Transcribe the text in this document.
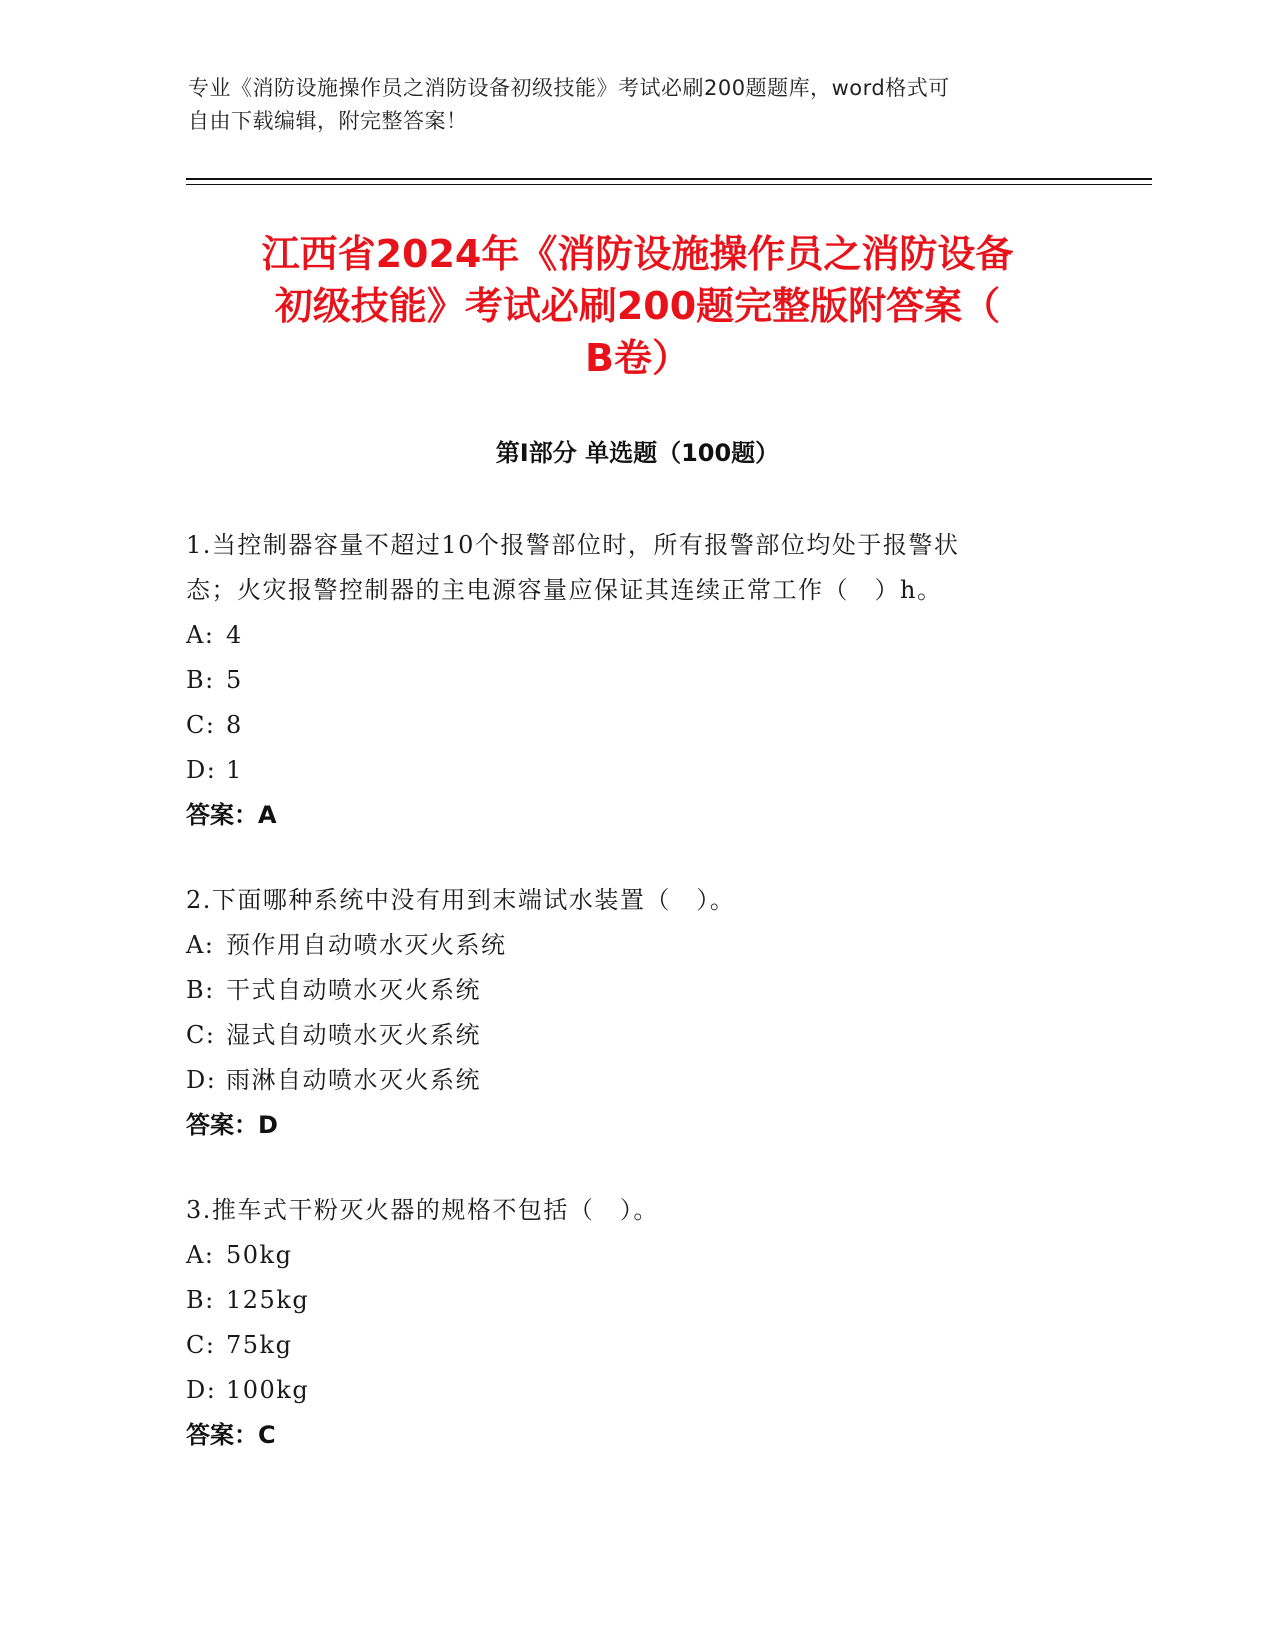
专业《消防设施操作员之消防设备初级技能》考试必刷200题题库，word格式可
自由下载编辑，附完整答案！
江西省2024年《消防设施操作员之消防设备
初级技能》考试必刷200题完整版附答案（
B卷）
第I部分 单选题（100题）
1.当控制器容量不超过10个报警部位时，所有报警部位均处于报警状
态；火灾报警控制器的主电源容量应保证其连续正常工作（　）h。
A: 4
B: 5
C: 8
D: 1
答案：A
2.下面哪种系统中没有用到末端试水装置（　）。
A: 预作用自动喷水灭火系统
B: 干式自动喷水灭火系统
C: 湿式自动喷水灭火系统
D: 雨淋自动喷水灭火系统
答案：D
3.推车式干粉灭火器的规格不包括（　）。
A: 50kg
B: 125kg
C: 75kg
D: 100kg
答案：C
